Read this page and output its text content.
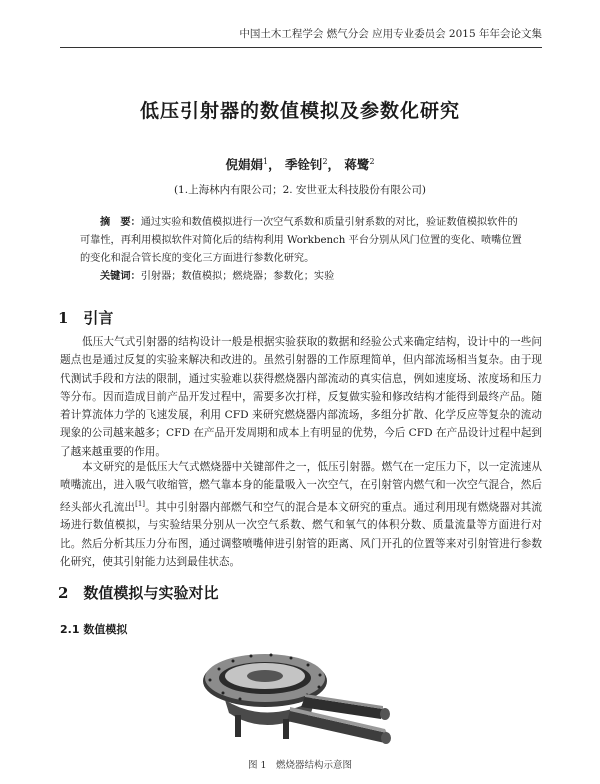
中国土木工程学会 燃气分会 应用专业委员会 2015 年年会论文集
低压引射器的数值模拟及参数化研究
倪娟娟$^1$， 季铨钊$^2$， 蒋鹭$^2$
(1.上海林内有限公司；2. 安世亚太科技股份有限公司)
摘　要：通过实验和数值模拟进行一次空气系数和质量引射系数的对比，验证数值模拟软件的可靠性，再利用模拟软件对简化后的结构利用 Workbench 平台分别从风门位置的变化、喷嘴位置的变化和混合管长度的变化三方面进行参数化研究。
关键词：引射器；数值模拟；燃烧器；参数化；实验
1　引言
低压大气式引射器的结构设计一般是根据实验获取的数据和经验公式来确定结构，设计中的一些问题点也是通过反复的实验来解决和改进的。虽然引射器的工作原理简单，但内部流场相当复杂。由于现代测试手段和方法的限制，通过实验难以获得燃烧器内部流动的真实信息，例如速度场、浓度场和压力等分布。因而造成目前产品开发过程中，需要多次打样，反复做实验和修改结构才能得到最终产品。随着计算流体力学的飞速发展，利用 CFD 来研究燃烧器内部流场，多组分扩散、化学反应等复杂的流动现象的公司越来越多；CFD 在产品开发周期和成本上有明显的优势，今后 CFD 在产品设计过程中起到了越来越重要的作用。
本文研究的是低压大气式燃烧器中关键部件之一，低压引射器。燃气在一定压力下，以一定流速从喷嘴流出，进入吸气收缩管，燃气靠本身的能量吸入一次空气，在引射管内燃气和一次空气混合，然后经头部火孔流出[1]。其中引射器内部燃气和空气的混合是本文研究的重点。通过利用现有燃烧器对其流场进行数值模拟，与实验结果分别从一次空气系数、燃气和氧气的体积分数、质量流量等方面进行对比。然后分析其压力分布图，通过调整喷嘴伸进引射管的距离、风门开孔的位置等来对引射管进行参数化研究，使其引射能力达到最佳状态。
2　数值模拟与实验对比
2.1 数值模拟
图 1　燃烧器结构示意图
